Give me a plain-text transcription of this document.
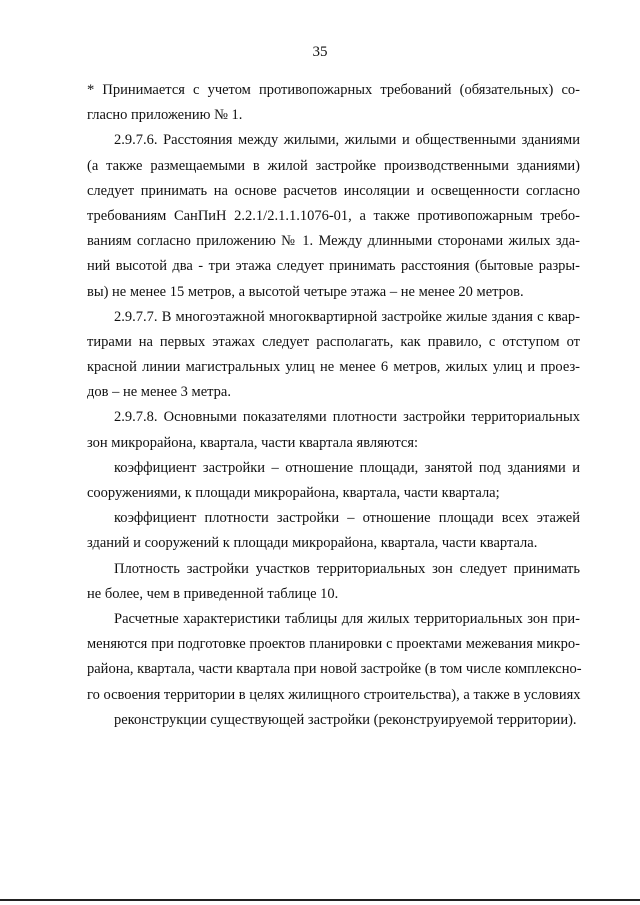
35
* Принимается с учетом противопожарных требований (обязательных) со-
гласно приложению № 1.
2.9.7.6. Расстояния между жилыми, жилыми и общественными зданиями
(а также размещаемыми в жилой застройке производственными зданиями)
следует принимать на основе расчетов инсоляции и освещенности согласно
требованиям СанПиН 2.2.1/2.1.1.1076-01, а также противопожарным требо-
ваниям согласно приложению № 1. Между длинными сторонами жилых зда-
ний высотой два - три этажа следует принимать расстояния (бытовые разры-
вы) не менее 15 метров, а высотой четыре этажа – не менее 20 метров.
2.9.7.7. В многоэтажной многоквартирной застройке жилые здания с квар-
тирами на первых этажах следует располагать, как правило, с отступом от
красной линии магистральных улиц не менее 6 метров, жилых улиц и проез-
дов – не менее 3 метра.
2.9.7.8. Основными показателями плотности застройки территориальных
зон микрорайона, квартала, части квартала являются:
коэффициент застройки – отношение площади, занятой под зданиями и
сооружениями, к площади микрорайона, квартала, части квартала;
коэффициент плотности застройки – отношение площади всех этажей
зданий и сооружений к площади микрорайона, квартала, части квартала.
Плотность застройки участков территориальных зон следует принимать
не более, чем в приведенной таблице 10.
Расчетные характеристики таблицы для жилых территориальных зон при-
меняются при подготовке проектов планировки с проектами межевания микро-
района, квартала, части квартала при новой застройке (в том числе комплексно-
го освоения территории в целях жилищного строительства), а также в условиях
реконструкции существующей застройки (реконструируемой территории).
